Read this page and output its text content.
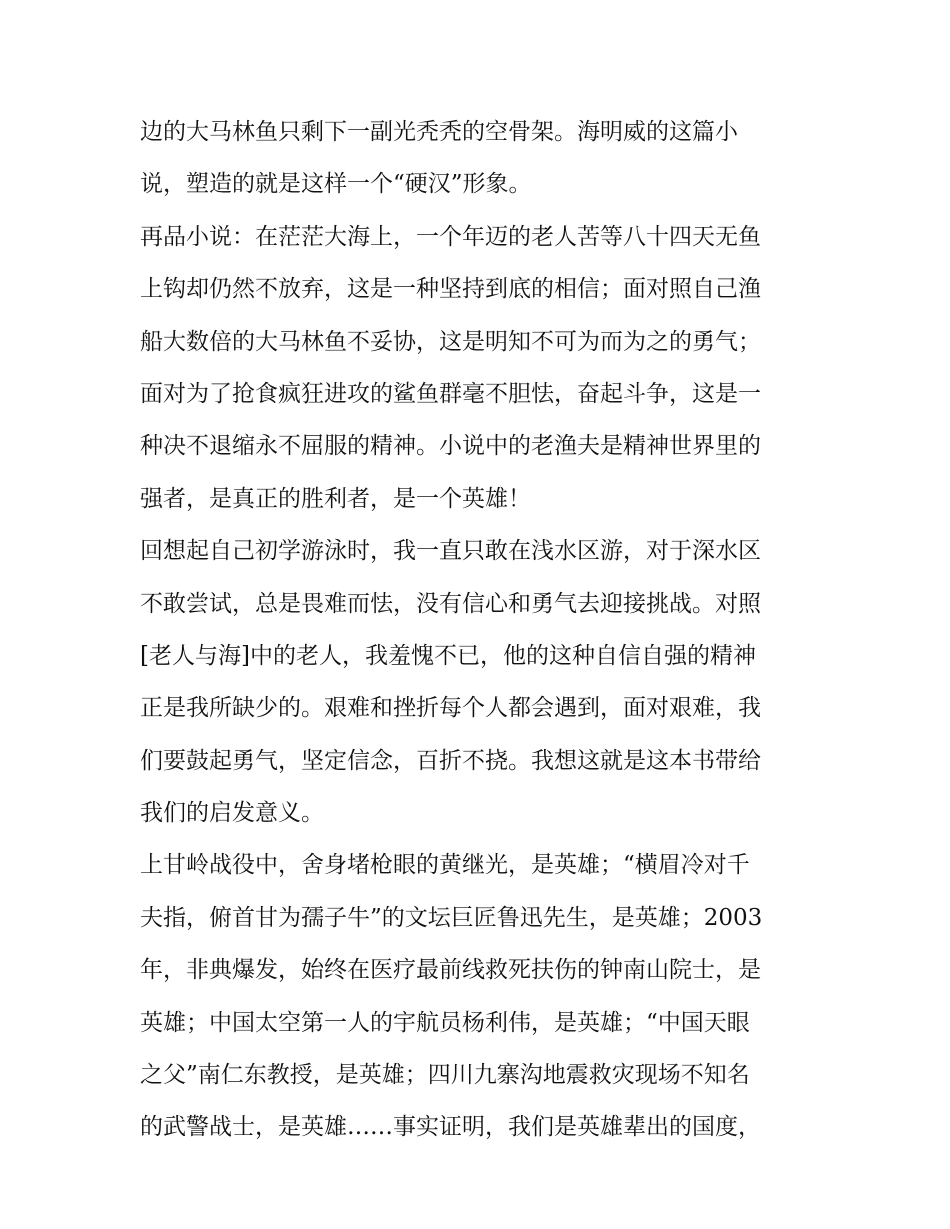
边的大马林鱼只剩下一副光秃秃的空骨架。海明威的这篇小
说，塑造的就是这样一个“硬汉”形象。
再品小说：在茫茫大海上，一个年迈的老人苦等八十四天无鱼
上钩却仍然不放弃，这是一种坚持到底的相信；面对照自己渔
船大数倍的大马林鱼不妥协，这是明知不可为而为之的勇气；
面对为了抢食疯狂进攻的鲨鱼群毫不胆怯，奋起斗争，这是一
种决不退缩永不屈服的精神。小说中的老渔夫是精神世界里的
强者，是真正的胜利者，是一个英雄！
回想起自己初学游泳时，我一直只敢在浅水区游，对于深水区
不敢尝试，总是畏难而怯，没有信心和勇气去迎接挑战。对照
[老人与海]中的老人，我羞愧不已，他的这种自信自强的精神
正是我所缺少的。艰难和挫折每个人都会遇到，面对艰难，我
们要鼓起勇气，坚定信念，百折不挠。我想这就是这本书带给
我们的启发意义。
上甘岭战役中，舍身堵枪眼的黄继光，是英雄；“横眉冷对千
夫指，俯首甘为孺子牛”的文坛巨匠鲁迅先生，是英雄；2003
年，非典爆发，始终在医疗最前线救死扶伤的钟南山院士，是
英雄；中国太空第一人的宇航员杨利伟，是英雄；“中国天眼
之父”南仁东教授，是英雄；四川九寨沟地震救灾现场不知名
的武警战士，是英雄……事实证明，我们是英雄辈出的国度，
